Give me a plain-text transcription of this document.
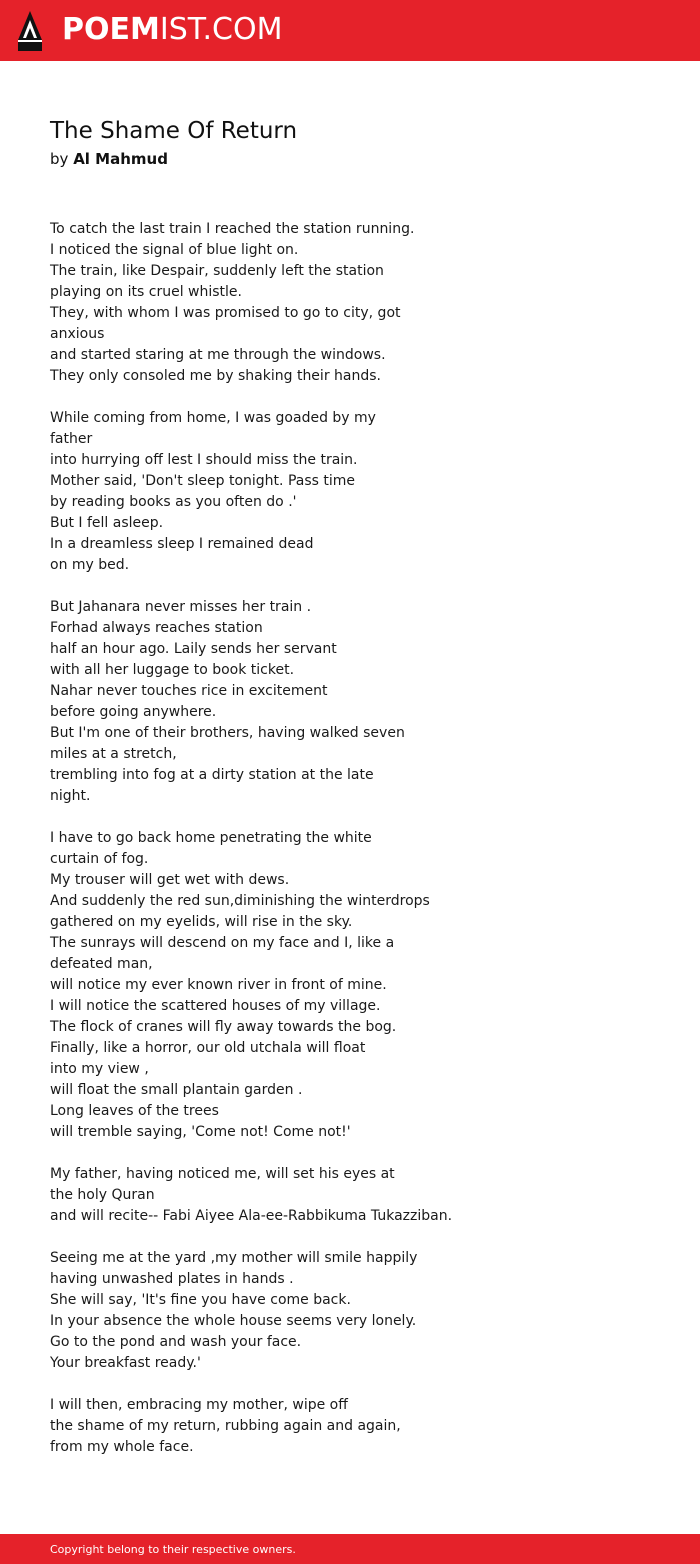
POEMIST.COM
The Shame Of Return
by Al Mahmud
To catch the last train I reached the station running.
I noticed the signal of blue light on.
The train, like Despair, suddenly left the station
playing on its cruel whistle.
They, with whom I was promised to go to city, got
anxious
and started staring at me through the windows.
They only consoled me by shaking their hands.
While coming from home, I was goaded by my
father
into hurrying off lest I should miss the train.
Mother said, 'Don't sleep tonight. Pass time
by reading books as you often do .'
But I fell asleep.
In a dreamless sleep I remained dead
on my bed.
But Jahanara never misses her train .
Forhad always reaches station
half an hour ago. Laily sends her servant
with all her luggage to book ticket.
Nahar never touches rice in excitement
before going anywhere.
But I'm one of their brothers, having walked seven
miles at a stretch,
trembling into fog at a dirty station at the late
night.
I have to go back home penetrating the white
curtain of fog.
My trouser will get wet with dews.
And suddenly the red sun,diminishing the winterdrops
gathered on my eyelids, will rise in the sky.
The sunrays will descend on my face and I, like a
defeated man,
will notice my ever known river in front of mine.
I will notice the scattered houses of my village.
The flock of cranes will fly away towards the bog.
Finally, like a horror, our old utchala will float
into my view ,
will float the small plantain garden .
Long leaves of the trees
will tremble saying, 'Come not! Come not!'
My father, having noticed me, will set his eyes at
the holy Quran
and will recite-- Fabi Aiyee Ala-ee-Rabbikuma Tukazziban.
Seeing me at the yard ,my mother will smile happily
having unwashed plates in hands .
She will say, 'It's fine you have come back.
In your absence the whole house seems very lonely.
Go to the pond and wash your face.
Your breakfast ready.'
I will then, embracing my mother, wipe off
the shame of my return, rubbing again and again,
from my whole face.
Copyright belong to their respective owners.
